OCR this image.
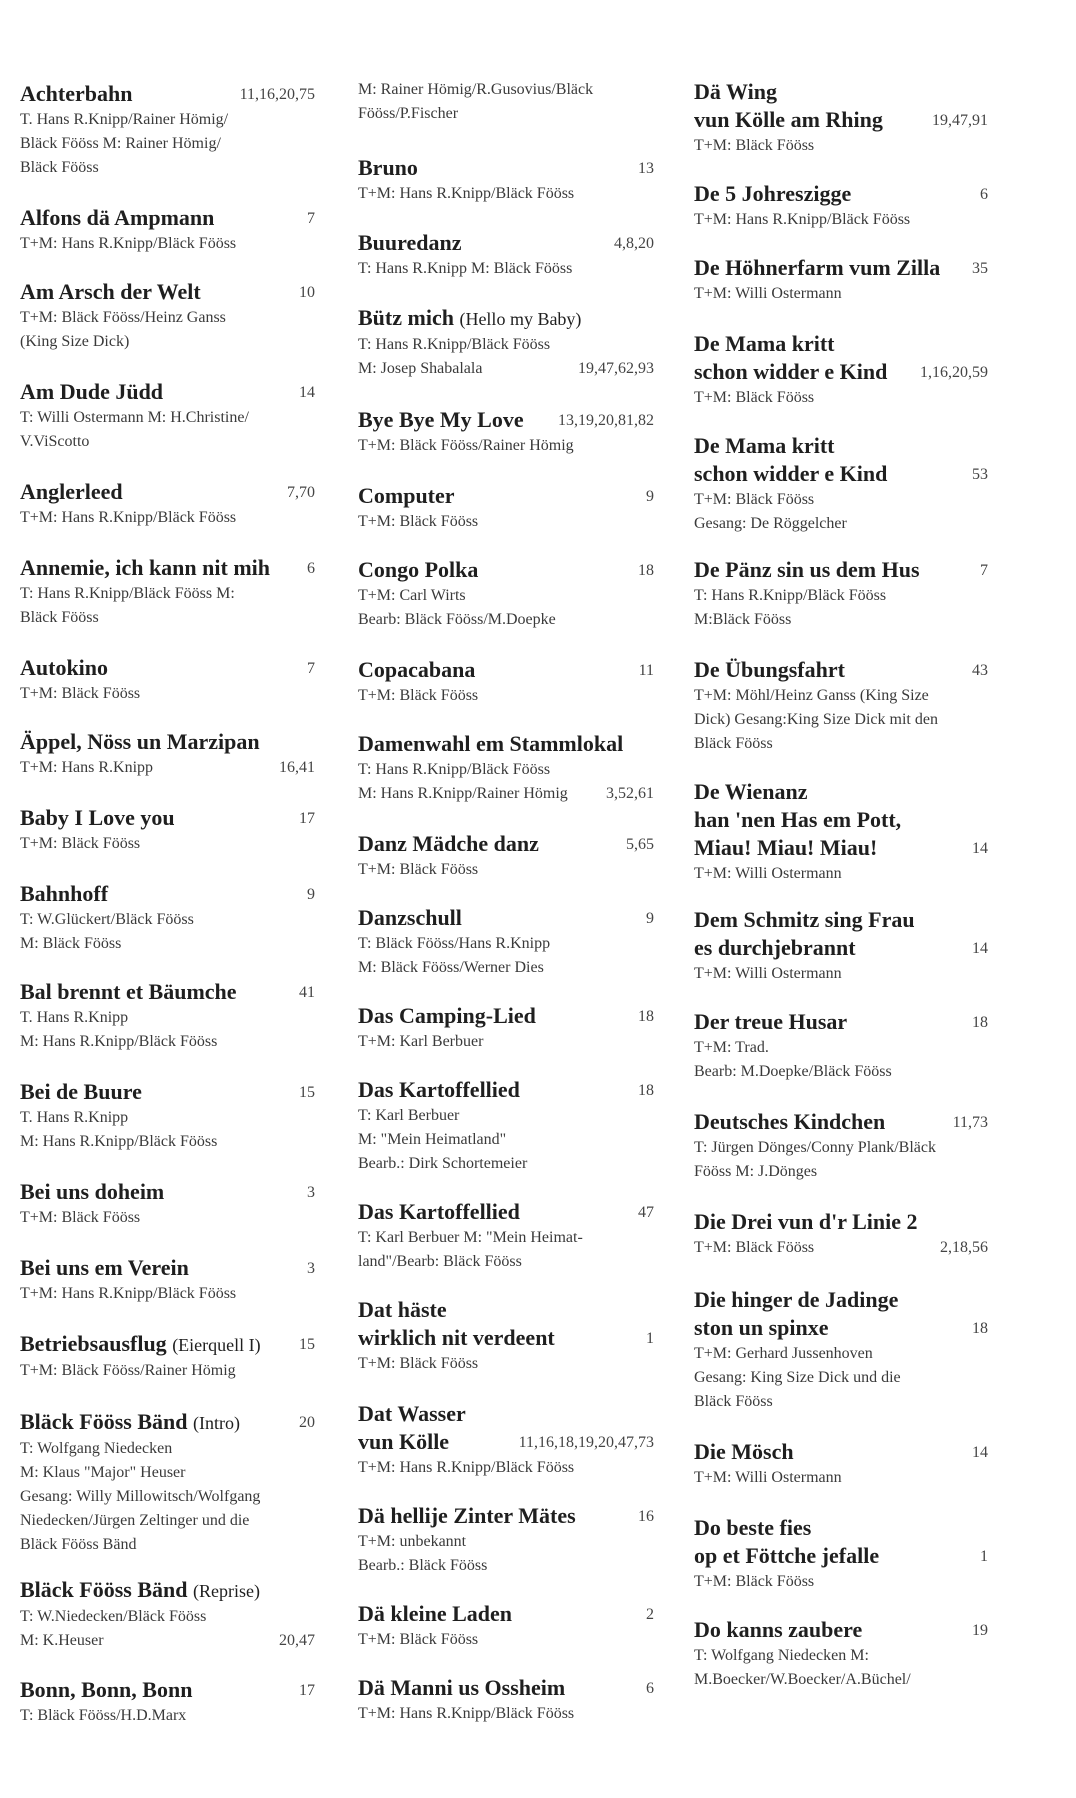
Achterbahn	11,16,20,75
T. Hans R.Knipp/Rainer Hömig/
Bläck Fööss M: Rainer Hömig/
Bläck Fööss
Alfons dä Ampmann	7
T+M: Hans R.Knipp/Bläck Fööss
Am Arsch der Welt	10
T+M: Bläck Fööss/Heinz Ganss
(King Size Dick)
Am Dude Jüdd	14
T: Willi Ostermann M: H.Christine/
V.ViScotto
Anglerleed	7,70
T+M: Hans R.Knipp/Bläck Fööss
Annemie, ich kann nit mih 6
T: Hans R.Knipp/Bläck Fööss M:
Bläck Fööss
Autokino	7
T+M: Bläck Fööss
Äppel, Nöss un Marzipan
T+M: Hans R.Knipp	16,41
Baby I Love you	17
T+M: Bläck Fööss
Bahnhoff	9
T: W.Glückert/Bläck Fööss
M: Bläck Fööss
Bal brennt et Bäumche	41
T. Hans R.Knipp
M: Hans R.Knipp/Bläck Fööss
Bei de Buure	15
T. Hans R.Knipp
M: Hans R.Knipp/Bläck Fööss
Bei uns doheim	3
T+M: Bläck Fööss
Bei uns em Verein	3
T+M: Hans R.Knipp/Bläck Fööss
Betriebsausflug (Eierquell I) 15
T+M: Bläck Fööss/Rainer Hömig
Bläck Fööss Bänd (Intro)	20
T: Wolfgang Niedecken
M: Klaus "Major" Heuser
Gesang: Willy Millowitsch/Wolfgang
Niedecken/Jürgen Zeltinger und die
Bläck Fööss Bänd
Bläck Fööss Bänd (Reprise)
T: W.Niedecken/Bläck Fööss
M: K.Heuser	20,47
Bonn, Bonn, Bonn	17
T: Bläck Fööss/H.D.Marx
M: Rainer Hömig/R.Gusovius/Bläck
Fööss/P.Fischer
Bruno	13
T+M: Hans R.Knipp/Bläck Fööss
Buuredanz	4,8,20
T: Hans R.Knipp M: Bläck Fööss
Bütz mich (Hello my Baby)
T: Hans R.Knipp/Bläck Fööss
M: Josep Shabalala	19,47,62,93
Bye Bye My Love 13,19,20,81,82
T+M: Bläck Fööss/Rainer Hömig
Computer	9
T+M: Bläck Fööss
Congo Polka	18
T+M: Carl Wirts
Bearb: Bläck Fööss/M.Doepke
Copacabana	11
T+M: Bläck Fööss
Damenwahl em Stammlokal
T: Hans R.Knipp/Bläck Fööss
M: Hans R.Knipp/Rainer Hömig 3,52,61
Danz Mädche danz	5,65
T+M: Bläck Fööss
Danzschull	9
T: Bläck Fööss/Hans R.Knipp
M: Bläck Fööss/Werner Dies
Das Camping-Lied	18
T+M: Karl Berbuer
Das Kartoffellied	18
T: Karl Berbuer
M: "Mein Heimatland"
Bearb.: Dirk Schortemeier
Das Kartoffellied	47
T: Karl Berbuer M: "Mein Heimat-
land"/Bearb: Bläck Fööss
Dat häste
wirklich nit verdeent	1
T+M: Bläck Fööss
Dat Wasser
vun Kölle	11,16,18,19,20,47,73
T+M: Hans R.Knipp/Bläck Fööss
Dä hellije Zinter Mätes	16
T+M: unbekannt
Bearb.: Bläck Fööss
Dä kleine Laden	2
T+M: Bläck Fööss
Dä Manni us Ossheim	6
T+M: Hans R.Knipp/Bläck Fööss
Dä Wing
vun Kölle am Rhing	19,47,91
T+M: Bläck Fööss
De 5 Johreszigge	6
T+M: Hans R.Knipp/Bläck Fööss
De Höhnerfarm vum Zilla 35
T+M: Willi Ostermann
De Mama kritt
schon widder e Kind 1,16,20,59
T+M: Bläck Fööss
De Mama kritt
schon widder e Kind	53
T+M: Bläck Fööss
Gesang: De Röggelcher
De Pänz sin us dem Hus	7
T: Hans R.Knipp/Bläck Fööss
M:Bläck Fööss
De Übungsfahrt	43
T+M: Möhl/Heinz Ganss (King Size
Dick) Gesang:King Size Dick mit den
Bläck Fööss
De Wienanz
han 'nen Has em Pott,
Miau! Miau! Miau!	14
T+M: Willi Ostermann
Dem Schmitz sing Frau
es durchjebrannt	14
T+M: Willi Ostermann
Der treue Husar	18
T+M: Trad.
Bearb: M.Doepke/Bläck Fööss
Deutsches Kindchen	11,73
T: Jürgen Dönges/Conny Plank/Bläck
Fööss M: J.Dönges
Die Drei vun d'r Linie 2
T+M: Bläck Fööss	2,18,56
Die hinger de Jadinge
ston un spinxe	18
T+M: Gerhard Jussenhoven
Gesang: King Size Dick und die
Bläck Fööss
Die Mösch	14
T+M: Willi Ostermann
Do beste fies
op et Föttche jefalle	1
T+M: Bläck Fööss
Do kanns zaubere	19
T: Wolfgang Niedecken M:
M.Boecker/W.Boecker/A.Büchel/
